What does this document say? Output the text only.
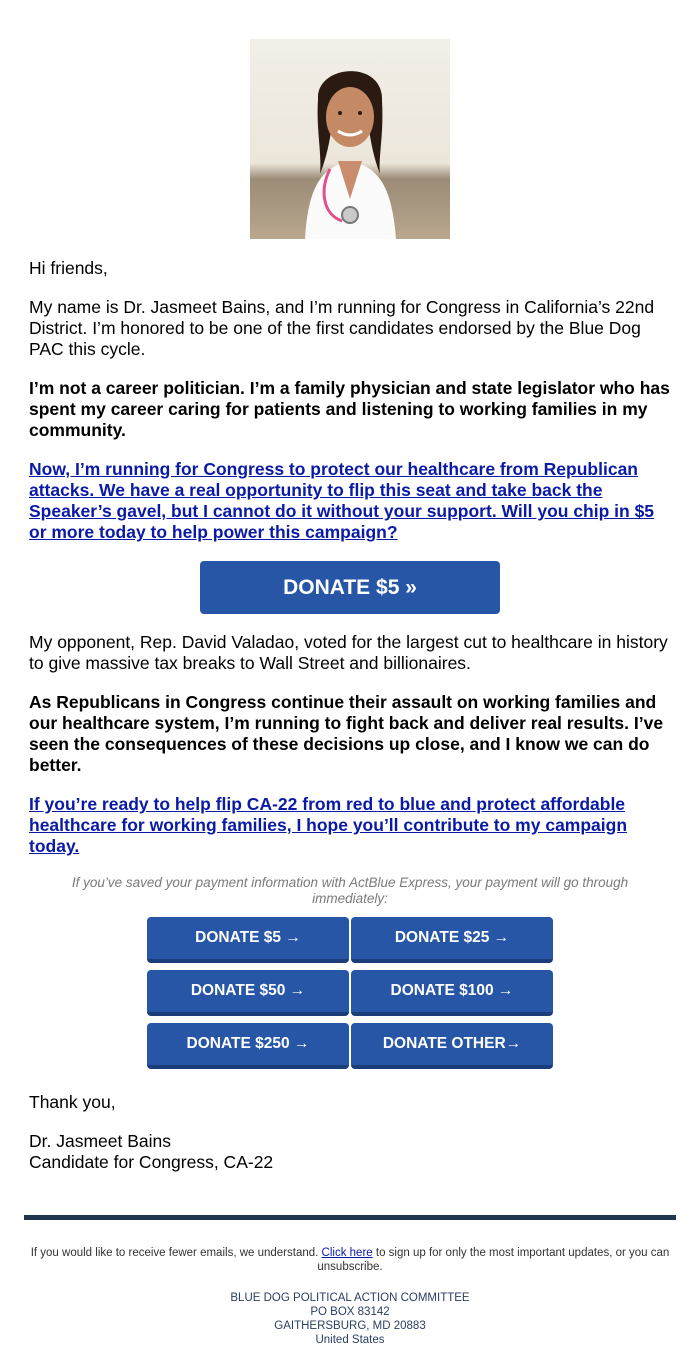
Hi friends,

My name is Dr. Jasmeet Bains, and I’m running for Congress in California’s 22nd District. I’m honored to be one of the first candidates endorsed by the Blue Dog PAC this cycle.

I’m not a career politician. I’m a family physician and state legislator who has spent my career caring for patients and listening to working families in my community.

Now, I’m running for Congress to protect our healthcare from Republican attacks. We have a real opportunity to flip this seat and take back the Speaker’s gavel, but I cannot do it without your support. Will you chip in $5 or more today to help power this campaign?
DONATE $5 »

My opponent, Rep. David Valadao, voted for the largest cut to healthcare in history to give massive tax breaks to Wall Street and billionaires.

As Republicans in Congress continue their assault on working families and our healthcare system, I’m running to fight back and deliver real results. I’ve seen the consequences of these decisions up close, and I know we can do better.

If you’re ready to help flip CA-22 from red to blue and protect affordable healthcare for working families, I hope you’ll contribute to my campaign today.
If you’ve saved your payment information with ActBlue Express, your payment will go through immediately:
DONATE $5 →	DONATE $25 →
DONATE $50 →	DONATE $100 →
DONATE $250 →	DONATE OTHER→

Thank you,

Dr. Jasmeet Bains
Candidate for Congress, CA-22
If you would like to receive fewer emails, we understand. Click here to sign up for only the most important updates, or you can unsubscribe.
BLUE DOG POLITICAL ACTION COMMITTEE
PO BOX 83142
GAITHERSBURG, MD 20883
United States
